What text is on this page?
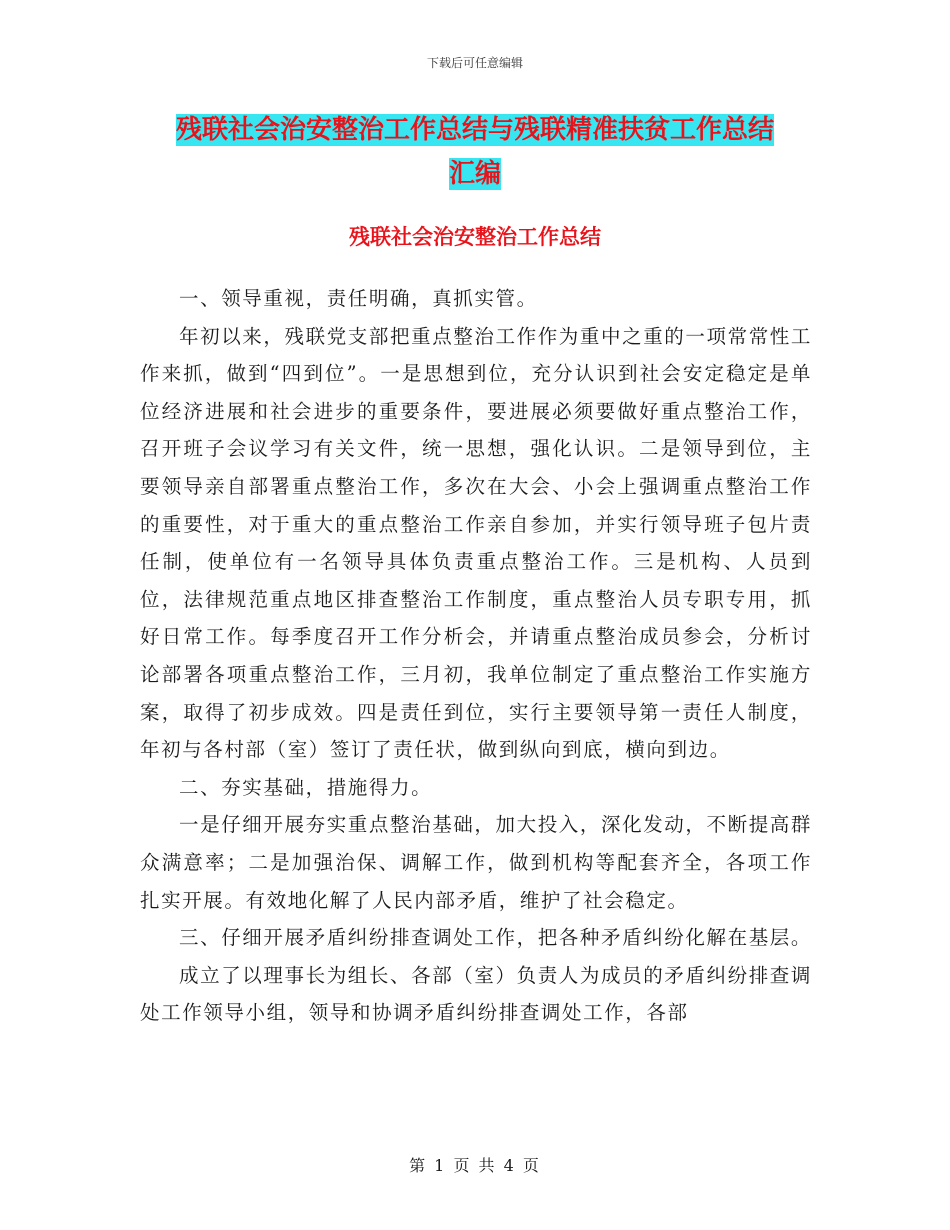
下载后可任意编辑
残联社会治安整治工作总结与残联精准扶贫工作总结
汇编
残联社会治安整治工作总结

一、领导重视，责任明确，真抓实管。

年初以来，残联党支部把重点整治工作作为重中之重的一项常常性工作来抓，做到“四到位”。一是思想到位，充分认识到社会安定稳定是单位经济进展和社会进步的重要条件，要进展必须要做好重点整治工作，召开班子会议学习有关文件，统一思想，强化认识。二是领导到位，主要领导亲自部署重点整治工作，多次在大会、小会上强调重点整治工作的重要性，对于重大的重点整治工作亲自参加，并实行领导班子包片责任制，使单位有一名领导具体负责重点整治工作。三是机构、人员到位，法律规范重点地区排查整治工作制度，重点整治人员专职专用，抓好日常工作。每季度召开工作分析会，并请重点整治成员参会，分析讨论部署各项重点整治工作，三月初，我单位制定了重点整治工作实施方案，取得了初步成效。四是责任到位，实行主要领导第一责任人制度，年初与各村部（室）签订了责任状，做到纵向到底，横向到边。

二、夯实基础，措施得力。

一是仔细开展夯实重点整治基础，加大投入，深化发动，不断提高群众满意率；二是加强治保、调解工作，做到机构等配套齐全，各项工作扎实开展。有效地化解了人民内部矛盾，维护了社会稳定。

三、仔细开展矛盾纠纷排查调处工作，把各种矛盾纠纷化解在基层。

成立了以理事长为组长、各部（室）负责人为成员的矛盾纠纷排查调处工作领导小组，领导和协调矛盾纠纷排查调处工作，各部

第 1 页 共 4 页
